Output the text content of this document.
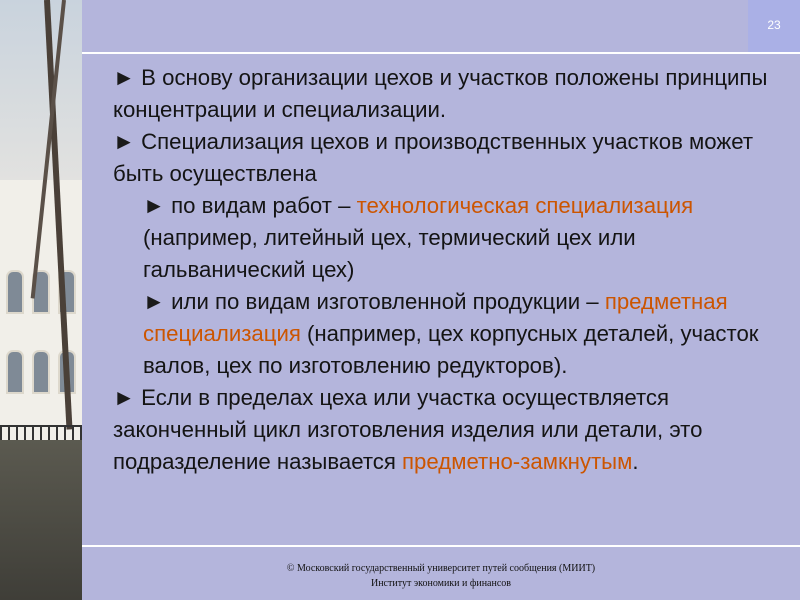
23

► В основу организации цехов и участков положены принципы концентрации и специализации.

► Специализация цехов и производственных участков может быть осуществлена

► по видам работ – технологическая специализация (например, литейный цех, термический цех или гальванический цех)

► или по видам изготовленной продукции – предметная специализация (например, цех корпусных деталей, участок валов, цех по изготовлению редукторов).

► Если в пределах цеха или участка осуществляется законченный цикл изготовления изделия или детали, это подразделение называется предметно-замкнутым.

© Московский государственный университет путей сообщения (МИИТ)
Институт экономики и финансов
